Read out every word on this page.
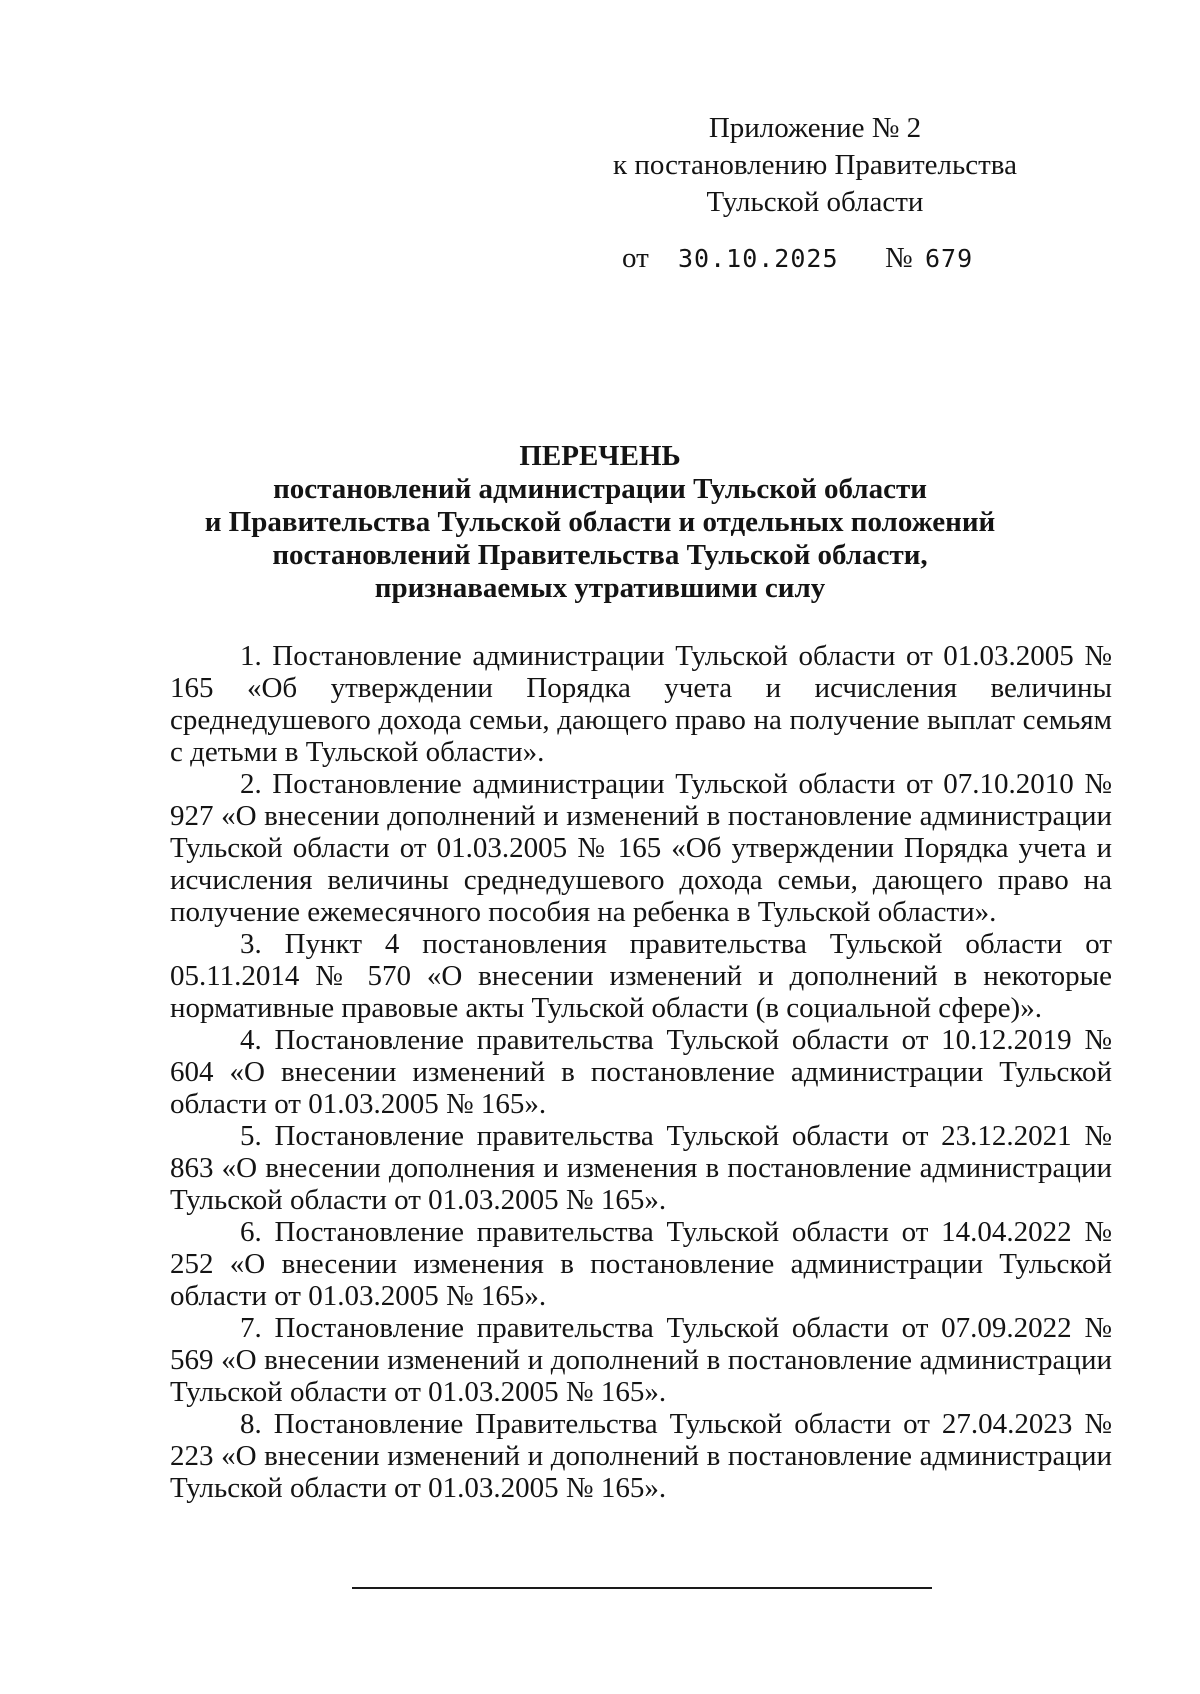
Приложение № 2
к постановлению Правительства
Тульской области
от 30.10.2025 № 679
ПЕРЕЧЕНЬ
постановлений администрации Тульской области
и Правительства Тульской области и отдельных положений
постановлений Правительства Тульской области,
признаваемых утратившими силу

1. Постановление администрации Тульской области от 01.03.2005 № 165 «Об утверждении Порядка учета и исчисления величины среднедушевого дохода семьи, дающего право на получение выплат семьям с детьми в Тульской области».

2. Постановление администрации Тульской области от 07.10.2010 № 927 «О внесении дополнений и изменений в постановление администрации Тульской области от 01.03.2005 № 165 «Об утверждении Порядка учета и исчисления величины среднедушевого дохода семьи, дающего право на получение ежемесячного пособия на ребенка в Тульской области».

3. Пункт 4 постановления правительства Тульской области от 05.11.2014 № 570 «О внесении изменений и дополнений в некоторые нормативные правовые акты Тульской области (в социальной сфере)».

4. Постановление правительства Тульской области от 10.12.2019 № 604 «О внесении изменений в постановление администрации Тульской области от 01.03.2005 № 165».

5. Постановление правительства Тульской области от 23.12.2021 № 863 «О внесении дополнения и изменения в постановление администрации Тульской области от 01.03.2005 № 165».

6. Постановление правительства Тульской области от 14.04.2022 № 252 «О внесении изменения в постановление администрации Тульской области от 01.03.2005 № 165».

7. Постановление правительства Тульской области от 07.09.2022 № 569 «О внесении изменений и дополнений в постановление администрации Тульской области от 01.03.2005 № 165».

8. Постановление Правительства Тульской области от 27.04.2023 № 223 «О внесении изменений и дополнений в постановление администрации Тульской области от 01.03.2005 № 165».
